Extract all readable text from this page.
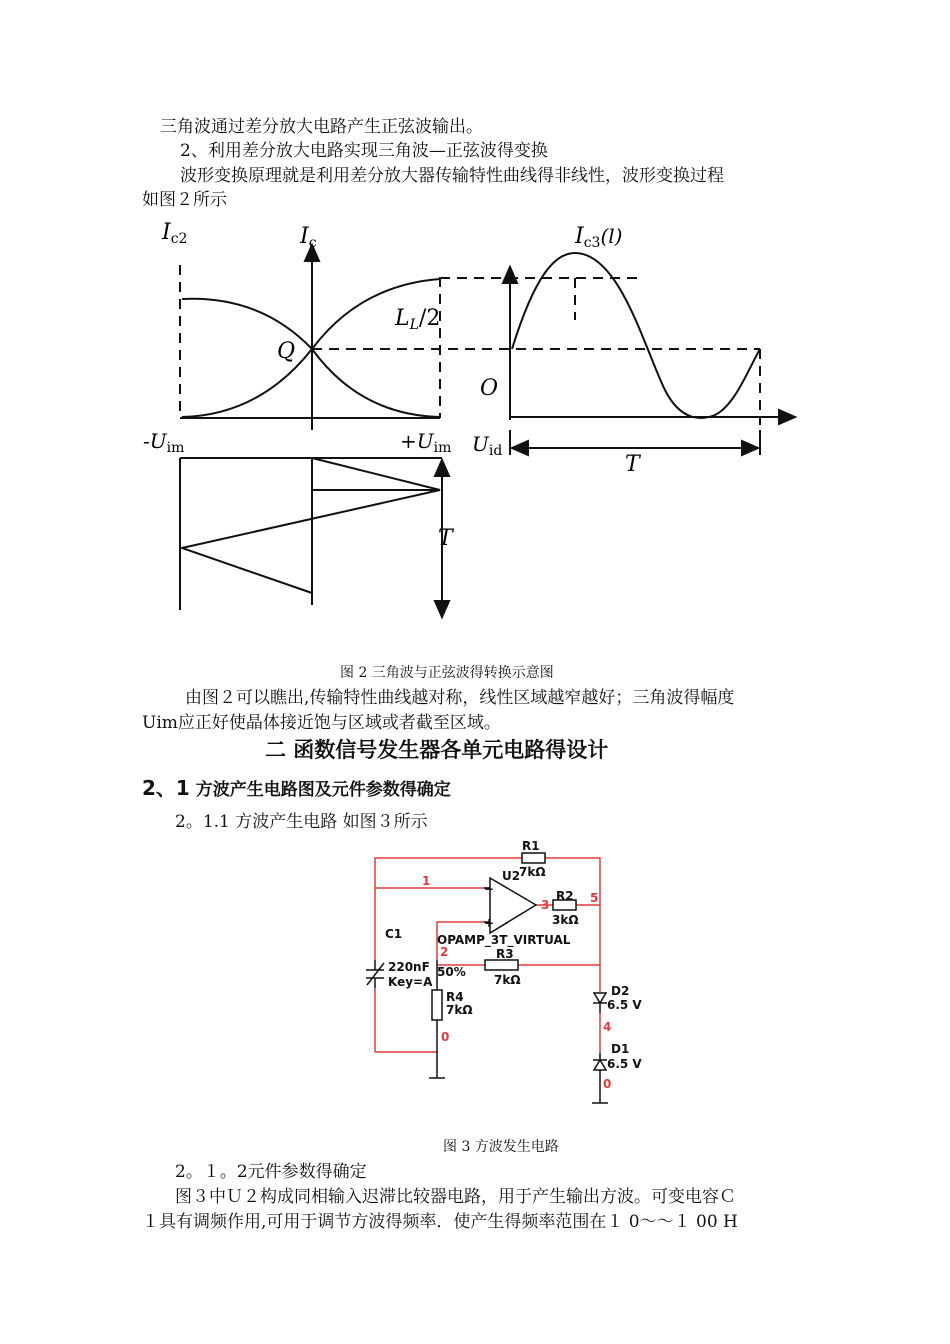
三角波通过差分放大电路产生正弦波输出。
2、利用差分放大电路实现三角波—正弦波得变换
波形变换原理就是利用差分放大器传输特性曲线得非线性，波形变换过程
如图２所示
Ic2	Ic	Ic3(l)
LL/2
Q
O
$-U_{im}$	$+U_{im}$ $U_{id}$
T
T
图 2 三角波与正弦波得转换示意图
由图２可以瞧出,传输特性曲线越对称，线性区域越窄越好；三角波得幅度
Uim应正好使晶体接近饱与区域或者截至区域。
二 函数信号发生器各单元电路得设计
2、1 方波产生电路图及元件参数得确定
2。1.1 方波产生电路 如图３所示
−
+
R1
7kΩ
U2
R2
3kΩ
OPAMP_3T_VIRTUAL
C1
220nF
Key=A
50%
R3
7kΩ
R4
7kΩ
D2
6.5 V
D1
6.5 V
1
2
3
4
5
0
0
图 3 方波发生电路
2。１。2元件参数得确定
图３中Ｕ２构成同相输入迟滞比较器电路，用于产生输出方波。可变电容Ｃ
１具有调频作用,可用于调节方波得频率．使产生得频率范围在１ 0～～１ 00 H
